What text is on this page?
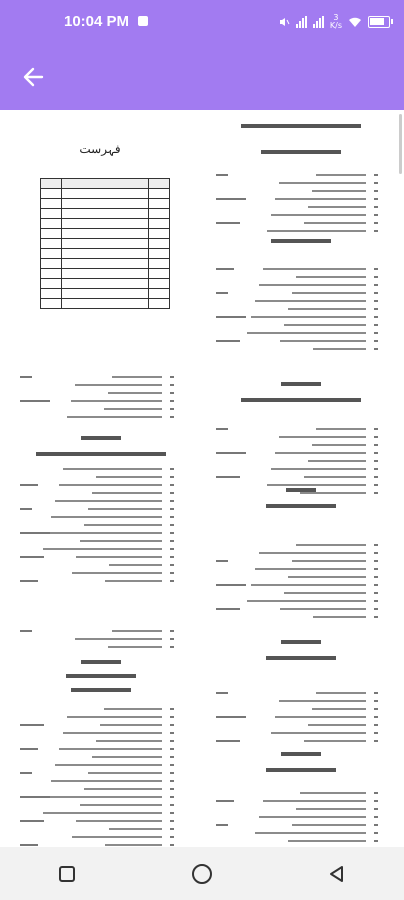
10:04 PM	3
K/s
فہرست
